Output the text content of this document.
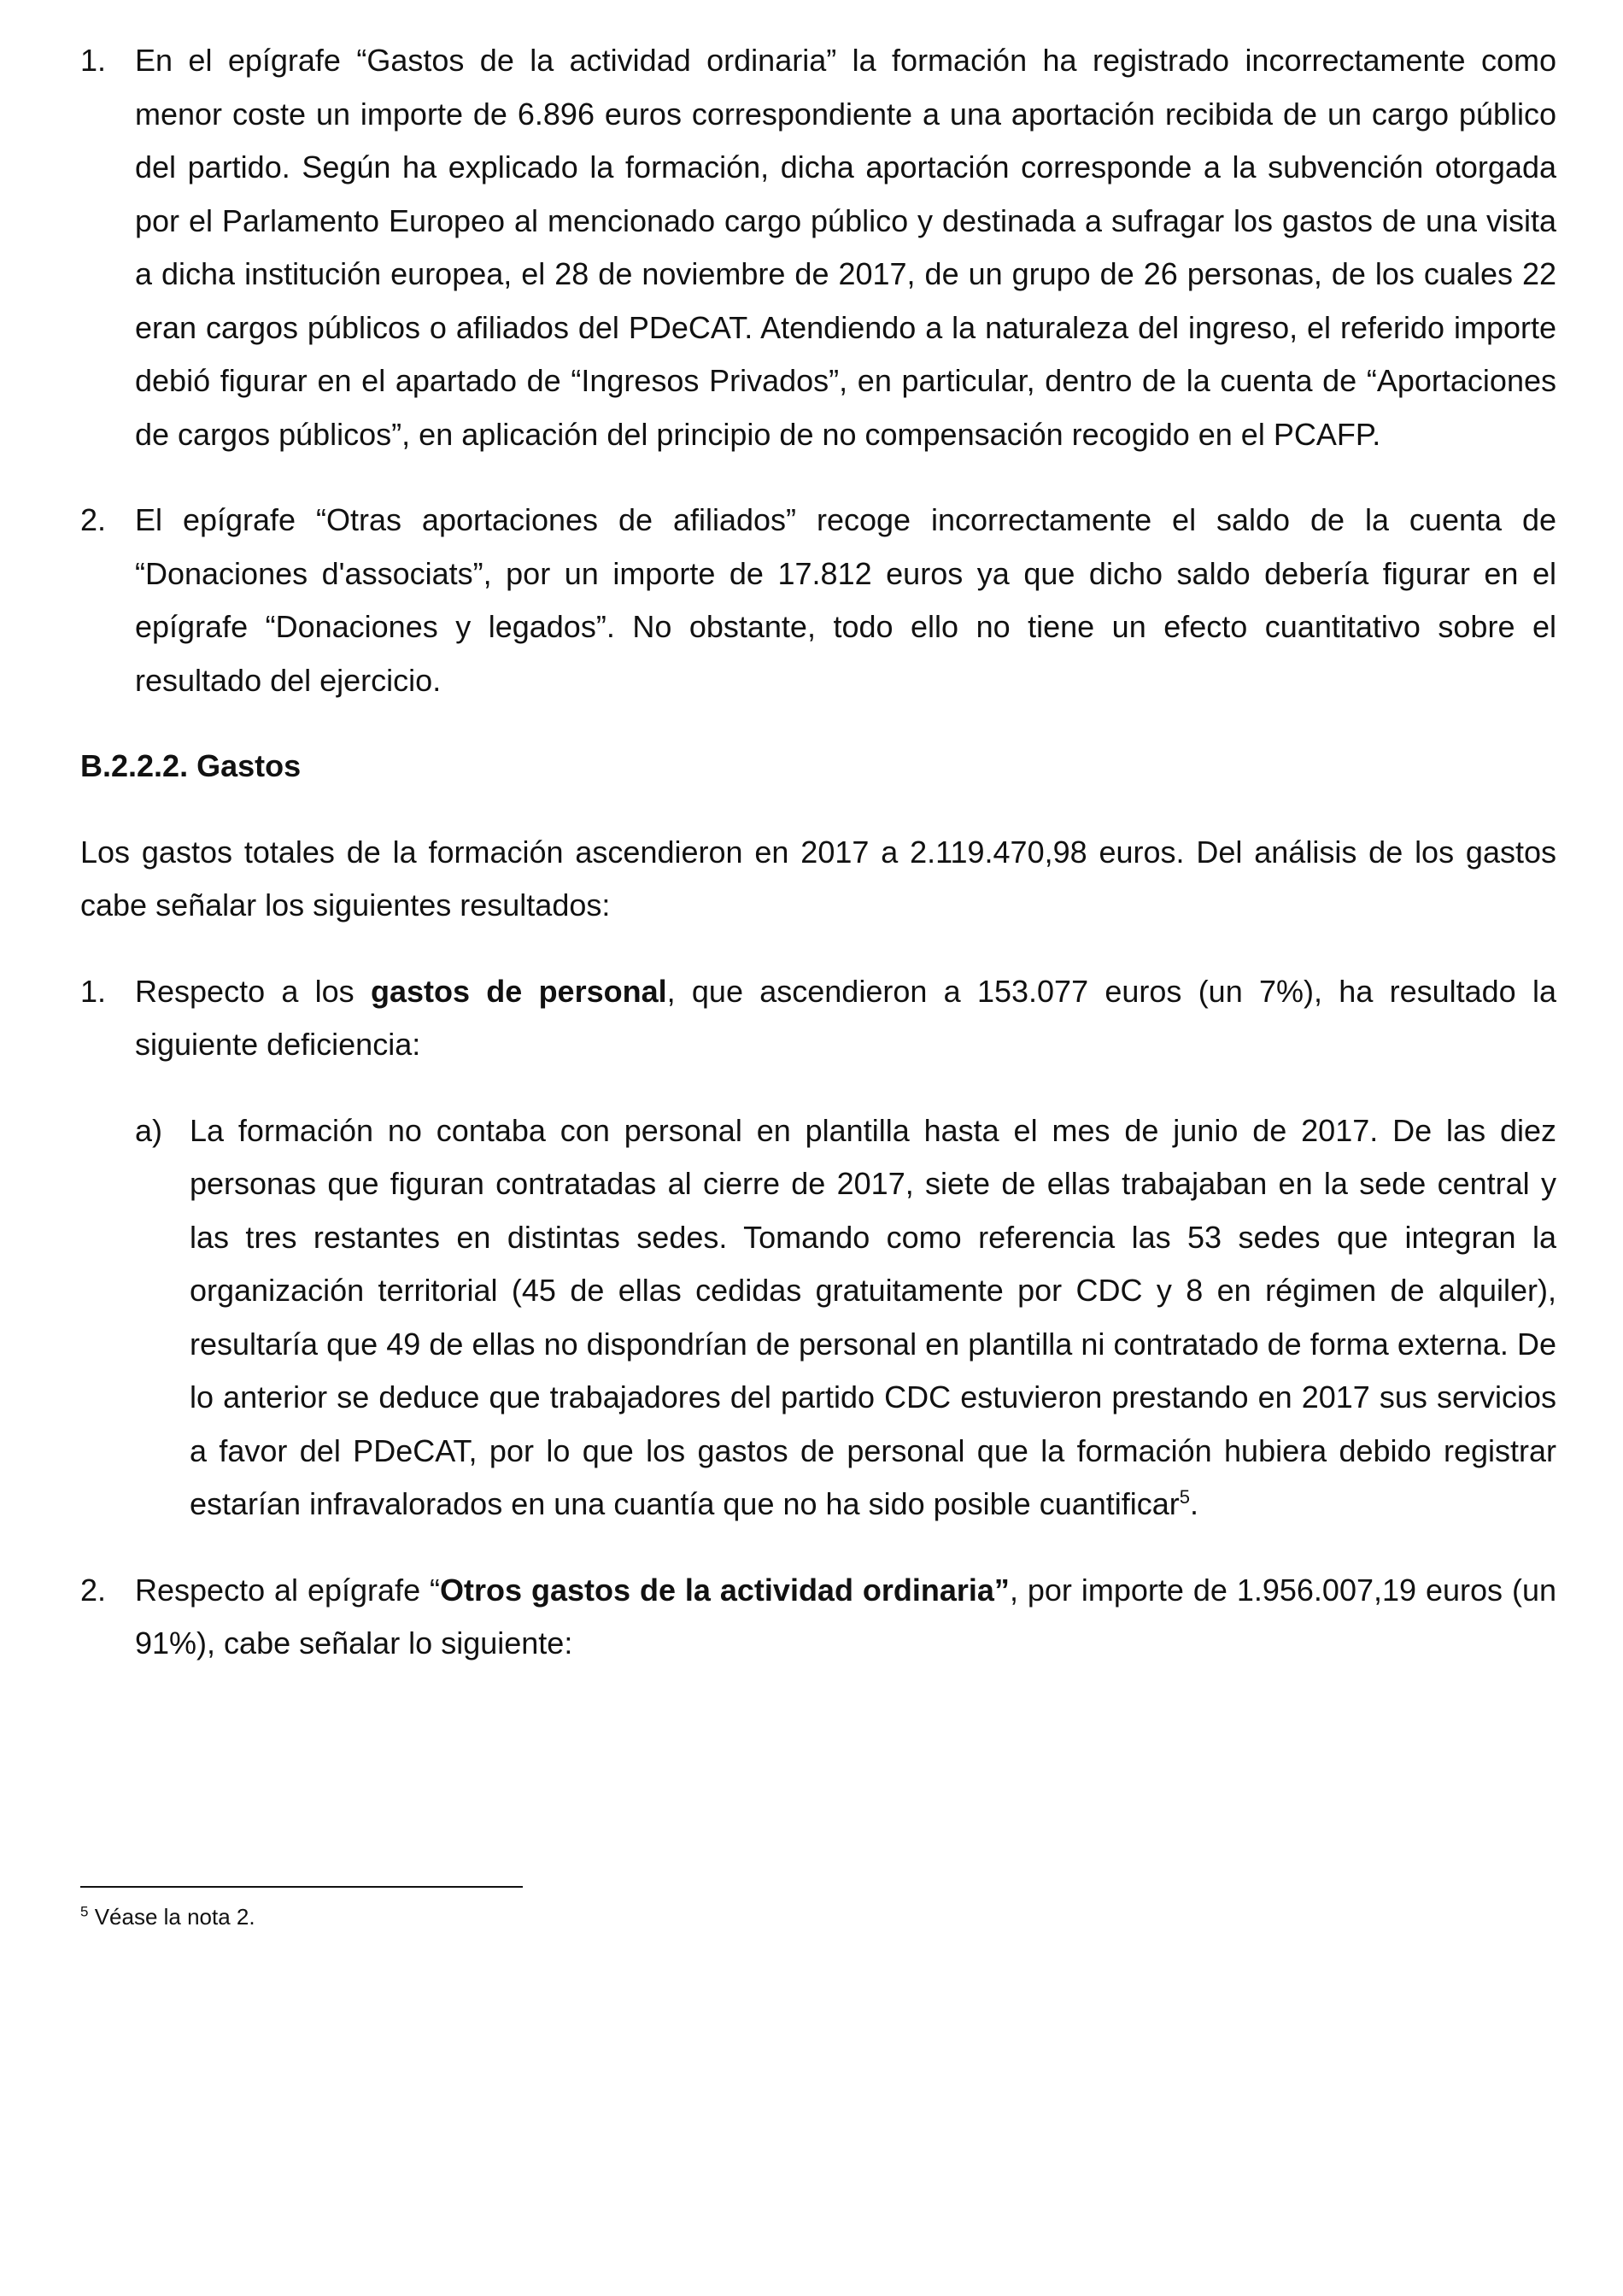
1. En el epígrafe “Gastos de la actividad ordinaria” la formación ha registrado incorrectamente como menor coste un importe de 6.896 euros correspondiente a una aportación recibida de un cargo público del partido. Según ha explicado la formación, dicha aportación corresponde a la subvención otorgada por el Parlamento Europeo al mencionado cargo público y destinada a sufragar los gastos de una visita a dicha institución europea, el 28 de noviembre de 2017, de un grupo de 26 personas, de los cuales 22 eran cargos públicos o afiliados del PDeCAT. Atendiendo a la naturaleza del ingreso, el referido importe debió figurar en el apartado de “Ingresos Privados”, en particular, dentro de la cuenta de “Aportaciones de cargos públicos”, en aplicación del principio de no compensación recogido en el PCAFP.

2. El epígrafe “Otras aportaciones de afiliados” recoge incorrectamente el saldo de la cuenta de “Donaciones d'associats”, por un importe de 17.812 euros ya que dicho saldo debería figurar en el epígrafe “Donaciones y legados”. No obstante, todo ello no tiene un efecto cuantitativo sobre el resultado del ejercicio.

B.2.2.2. Gastos

Los gastos totales de la formación ascendieron en 2017 a 2.119.470,98 euros. Del análisis de los gastos cabe señalar los siguientes resultados:

1. Respecto a los gastos de personal, que ascendieron a 153.077 euros (un 7%), ha resultado la siguiente deficiencia:

a) La formación no contaba con personal en plantilla hasta el mes de junio de 2017. De las diez personas que figuran contratadas al cierre de 2017, siete de ellas trabajaban en la sede central y las tres restantes en distintas sedes. Tomando como referencia las 53 sedes que integran la organización territorial (45 de ellas cedidas gratuitamente por CDC y 8 en régimen de alquiler), resultaría que 49 de ellas no dispondrían de personal en plantilla ni contratado de forma externa. De lo anterior se deduce que trabajadores del partido CDC estuvieron prestando en 2017 sus servicios a favor del PDeCAT, por lo que los gastos de personal que la formación hubiera debido registrar estarían infravalorados en una cuantía que no ha sido posible cuantificar$^5$.

2. Respecto al epígrafe “Otros gastos de la actividad ordinaria”, por importe de 1.956.007,19 euros (un 91%), cabe señalar lo siguiente:

$^5$ Véase la nota 2.
